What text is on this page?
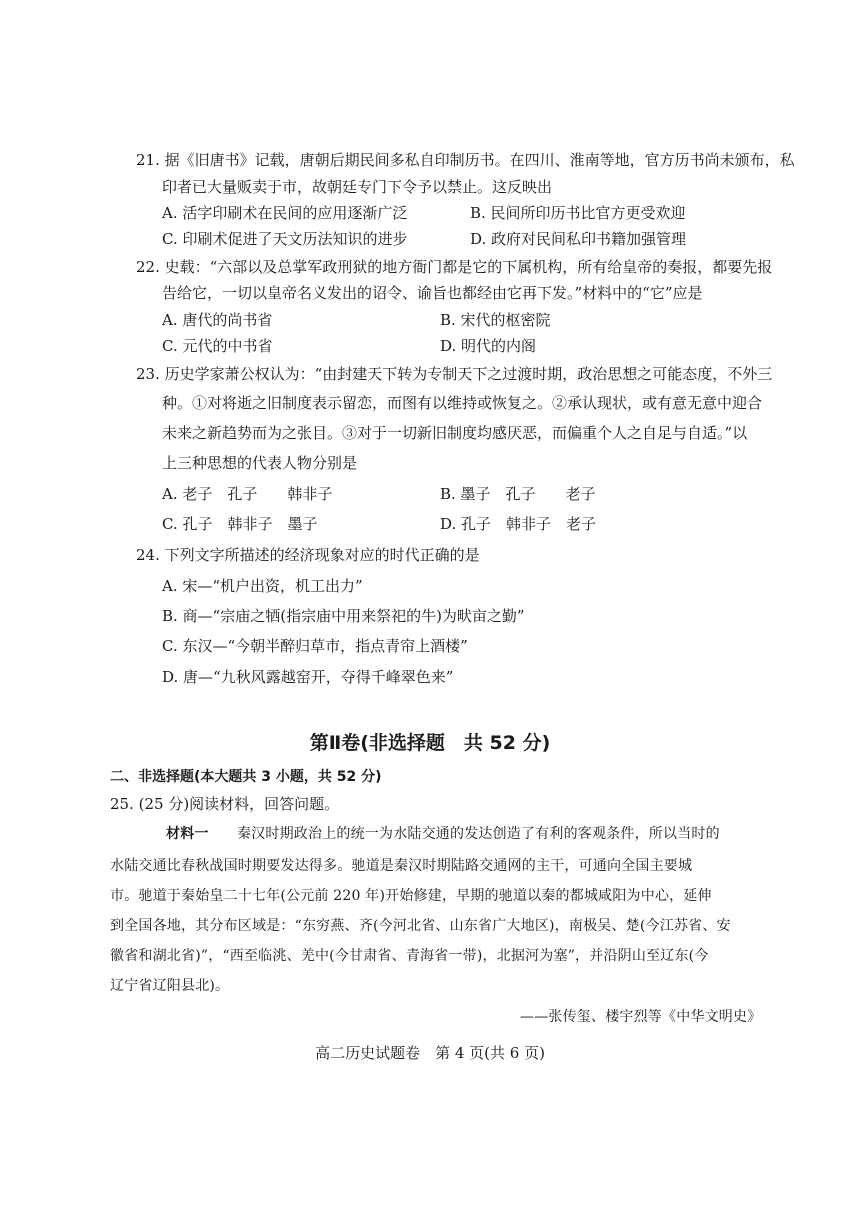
21. 据《旧唐书》记载，唐朝后期民间多私自印制历书。在四川、淮南等地，官方历书尚未颁布，私
印者已大量贩卖于市，故朝廷专门下令予以禁止。这反映出
A. 活字印刷术在民间的应用逐渐广泛	B. 民间所印历书比官方更受欢迎
C. 印刷术促进了天文历法知识的进步	D. 政府对民间私印书籍加强管理
22. 史载：“六部以及总掌军政刑狱的地方衙门都是它的下属机构，所有给皇帝的奏报，都要先报
告给它，一切以皇帝名义发出的诏令、谕旨也都经由它再下发。”材料中的“它”应是
A. 唐代的尚书省	B. 宋代的枢密院
C. 元代的中书省	D. 明代的内阁
23. 历史学家萧公权认为：“由封建天下转为专制天下之过渡时期，政治思想之可能态度，不外三
种。①对将逝之旧制度表示留恋，而图有以维持或恢复之。②承认现状，或有意无意中迎合
未来之新趋势而为之张目。③对于一切新旧制度均感厌恶，而偏重个人之自足与自适。”以
上三种思想的代表人物分别是
A. 老子　孔子　　韩非子	B. 墨子　孔子　　老子
C. 孔子　韩非子　墨子	D. 孔子　韩非子　老子
24. 下列文字所描述的经济现象对应的时代正确的是
A. 宋—“机户出资，机工出力”
B. 商—“宗庙之牺(指宗庙中用来祭祀的牛)为畎亩之勤”
C. 东汉—“今朝半醉归草市，指点青帘上酒楼”
D. 唐—“九秋风露越窑开，夺得千峰翠色来”
第Ⅱ卷(非选择题　共 52 分)
二、非选择题(本大题共 3 小题，共 52 分)
25. (25 分)阅读材料，回答问题。
材料一　　秦汉时期政治上的统一为水陆交通的发达创造了有利的客观条件，所以当时的
水陆交通比春秋战国时期要发达得多。驰道是秦汉时期陆路交通网的主干，可通向全国主要城
市。驰道于秦始皇二十七年(公元前 220 年)开始修建，早期的驰道以秦的都城咸阳为中心，延伸
到全国各地，其分布区域是：“东穷燕、齐(今河北省、山东省广大地区)，南极吴、楚(今江苏省、安
徽省和湖北省)”，“西至临洮、羌中(今甘肃省、青海省一带)，北据河为塞”，并沿阴山至辽东(今
辽宁省辽阳县北)。
——张传玺、楼宇烈等《中华文明史》
高二历史试题卷　第 4 页(共 6 页)
